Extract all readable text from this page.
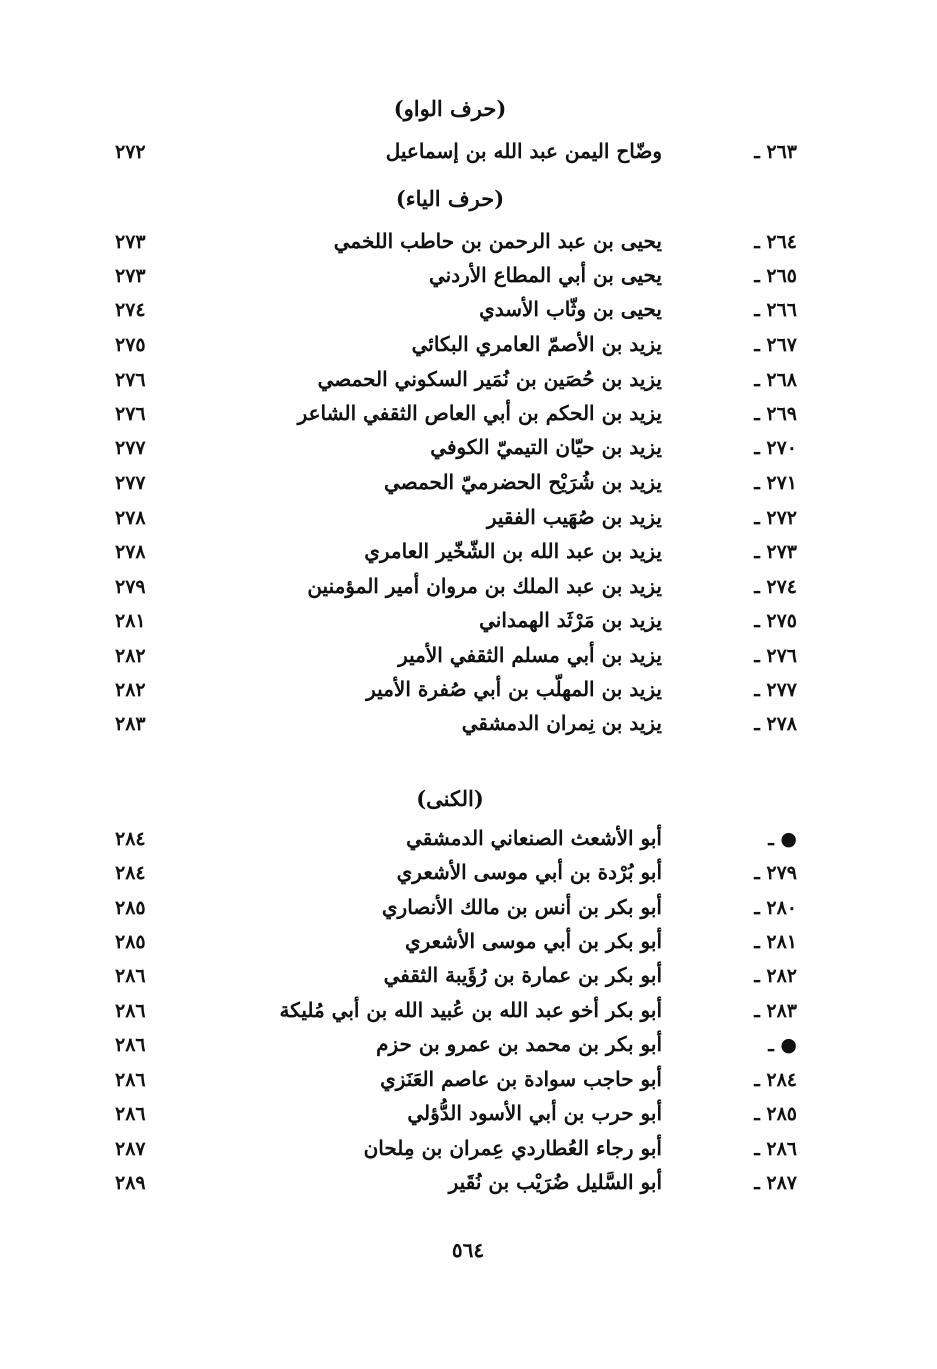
(حرف الواو)
٢٦٣ ـ
وضّاح اليمن عبد الله بن إسماعيل
٢٧٢
(حرف الياء)
٢٦٤ ـ
يحيى بن عبد الرحمن بن حاطب اللخمي
٢٧٣
٢٦٥ ـ
يحيى بن أبي المطاع الأردني
٢٧٣
٢٦٦ ـ
يحيى بن وثّاب الأسدي
٢٧٤
٢٦٧ ـ
يزيد بن الأصمّ العامري البكائي
٢٧٥
٢٦٨ ـ
يزيد بن حُصَين بن نُمَير السكوني الحمصي
٢٧٦
٢٦٩ ـ
يزيد بن الحكم بن أبي العاص الثقفي الشاعر
٢٧٦
٢٧٠ ـ
يزيد بن حيّان التيميّ الكوفي
٢٧٧
٢٧١ ـ
يزيد بن شُرَيْح الحضرميّ الحمصي
٢٧٧
٢٧٢ ـ
يزيد بن صُهَيب الفقير
٢٧٨
٢٧٣ ـ
يزيد بن عبد الله بن الشّخّير العامري
٢٧٨
٢٧٤ ـ
يزيد بن عبد الملك بن مروان أمير المؤمنين
٢٧٩
٢٧٥ ـ
يزيد بن مَرْثَد الهمداني
٢٨١
٢٧٦ ـ
يزيد بن أبي مسلم الثقفي الأمير
٢٨٢
٢٧٧ ـ
يزيد بن المهلّب بن أبي صُفرة الأمير
٢٨٢
٢٧٨ ـ
يزيد بن نِمران الدمشقي
٢٨٣
(الكنى)
● ـ
أبو الأشعث الصنعاني الدمشقي
٢٨٤
٢٧٩ ـ
أبو بُرْدة بن أبي موسى الأشعري
٢٨٤
٢٨٠ ـ
أبو بكر بن أنس بن مالك الأنصاري
٢٨٥
٢٨١ ـ
أبو بكر بن أبي موسى الأشعري
٢٨٥
٢٨٢ ـ
أبو بكر بن عمارة بن رُؤَيبة الثقفي
٢٨٦
٢٨٣ ـ
أبو بكر أخو عبد الله بن عُبيد الله بن أبي مُليكة
٢٨٦
● ـ
أبو بكر بن محمد بن عمرو بن حزم
٢٨٦
٢٨٤ ـ
أبو حاجب سوادة بن عاصم العَنَزي
٢٨٦
٢٨٥ ـ
أبو حرب بن أبي الأسود الدُّؤلي
٢٨٦
٢٨٦ ـ
أبو رجاء العُطاردي عِمران بن مِلحان
٢٨٧
٢٨٧ ـ
أبو السَّليل ضُرَيْب بن نُقَير
٢٨٩
٥٦٤
